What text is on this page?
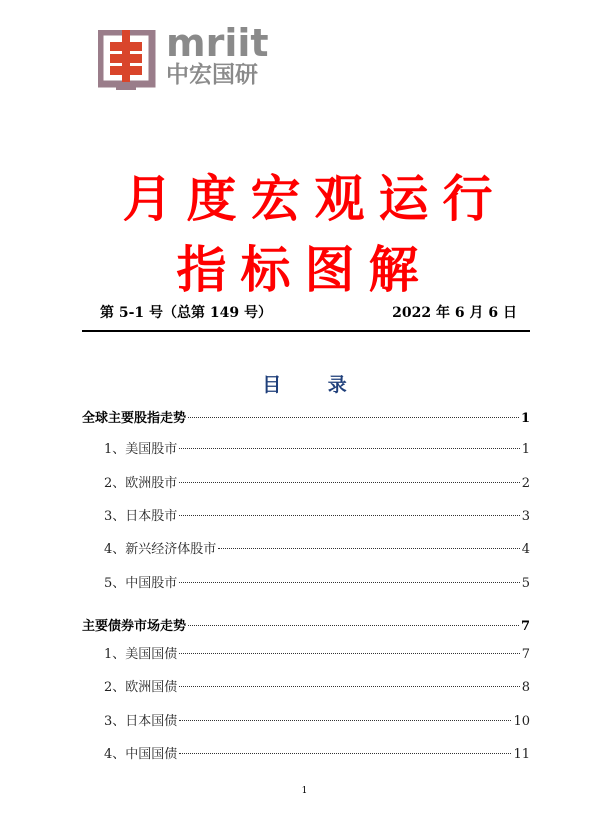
mriit
中宏国研
月度宏观运行
指标图解
第 5-1 号（总第 149 号）	2022 年 6 月 6 日
目 录
全球主要股指走势	1
1、美国股市	1
2、欧洲股市	2
3、日本股市	3
4、新兴经济体股市	4
5、中国股市	5
主要债券市场走势	7
1、美国国债	7
2、欧洲国债	8
3、日本国债	10
4、中国国债	11
1
